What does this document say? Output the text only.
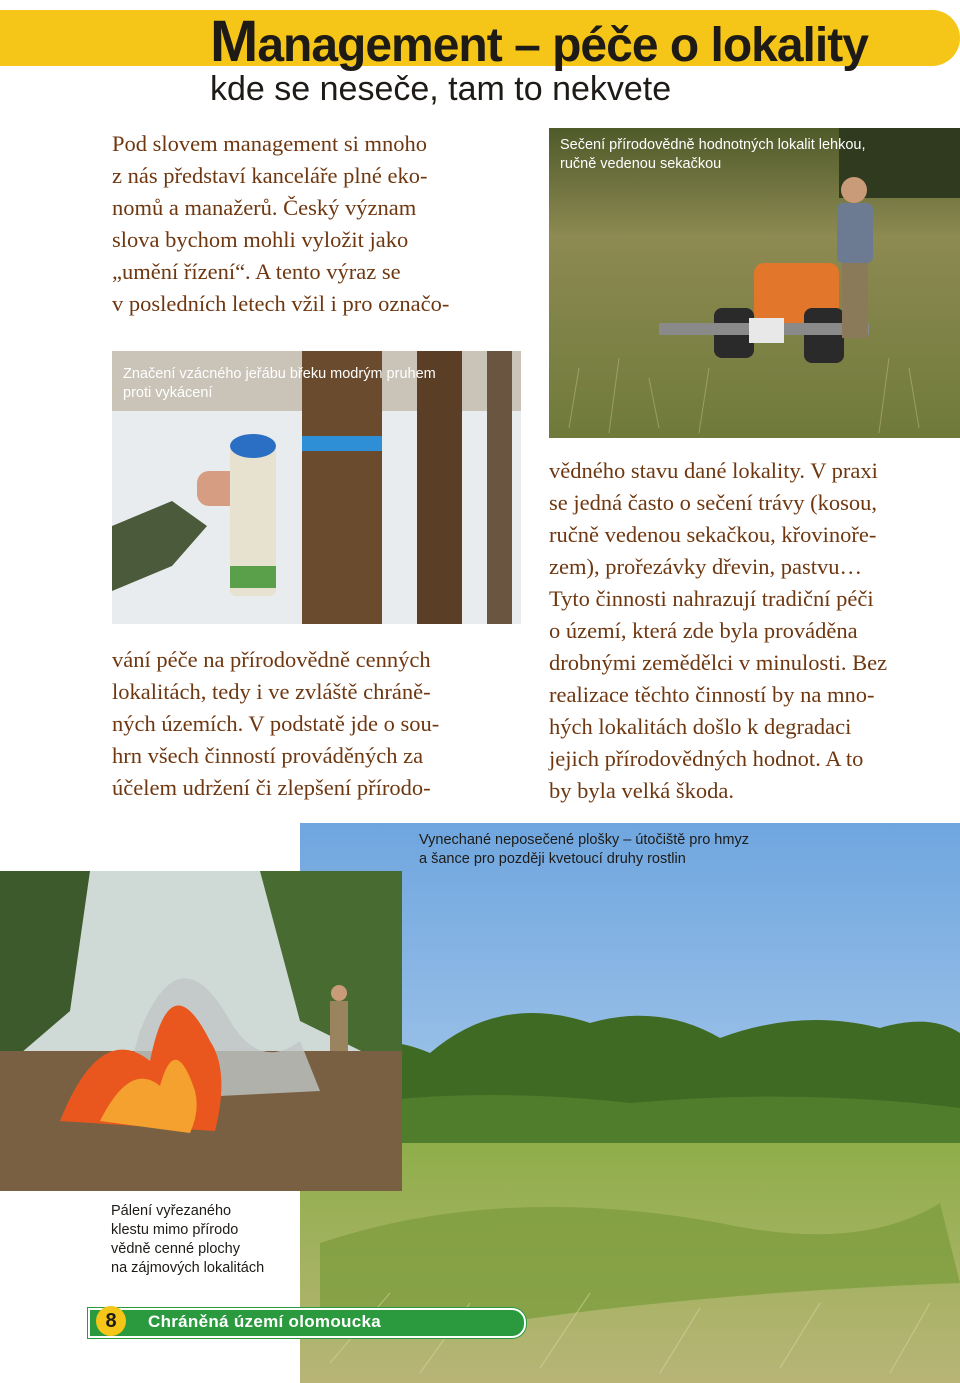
Management – péče o lokality
kde se neseče, tam to nekvete
Pod slovem management si mnoho
z nás představí kanceláře plné eko-
nomů a manažerů. Český význam
slova bychom mohli vyložit jako
„umění řízení“. A tento výraz se
v posledních letech vžil i pro označo-
Sečení přírodovědně hodnotných lokalit lehkou,
ručně vedenou sekačkou
Značení vzácného jeřábu břeku modrým pruhem
proti vykácení
vání péče na přírodovědně cenných
lokalitách, tedy i ve zvláště chráně-
ných územích. V podstatě jde o sou-
hrn všech činností prováděných za
účelem udržení či zlepšení přírodo-
vědného stavu dané lokality. V praxi
se jedná často o sečení trávy (kosou,
ručně vedenou sekačkou, křovinoře-
zem), prořezávky dřevin, pastvu…
Tyto činnosti nahrazují tradiční péči
o území, která zde byla prováděna
drobnými zemědělci v minulosti. Bez
realizace těchto činností by na mno-
hých lokalitách došlo k degradaci
jejich přírodovědných hodnot. A to
by byla velká škoda.
Vynechané neposečené plošky – útočiště pro hmyz
a šance pro později kvetoucí druhy rostlin
Pálení vyřezaného
klestu mimo přírodo
vědně cenné plochy
na zájmových lokalitách
8	Chráněná území olomoucka
